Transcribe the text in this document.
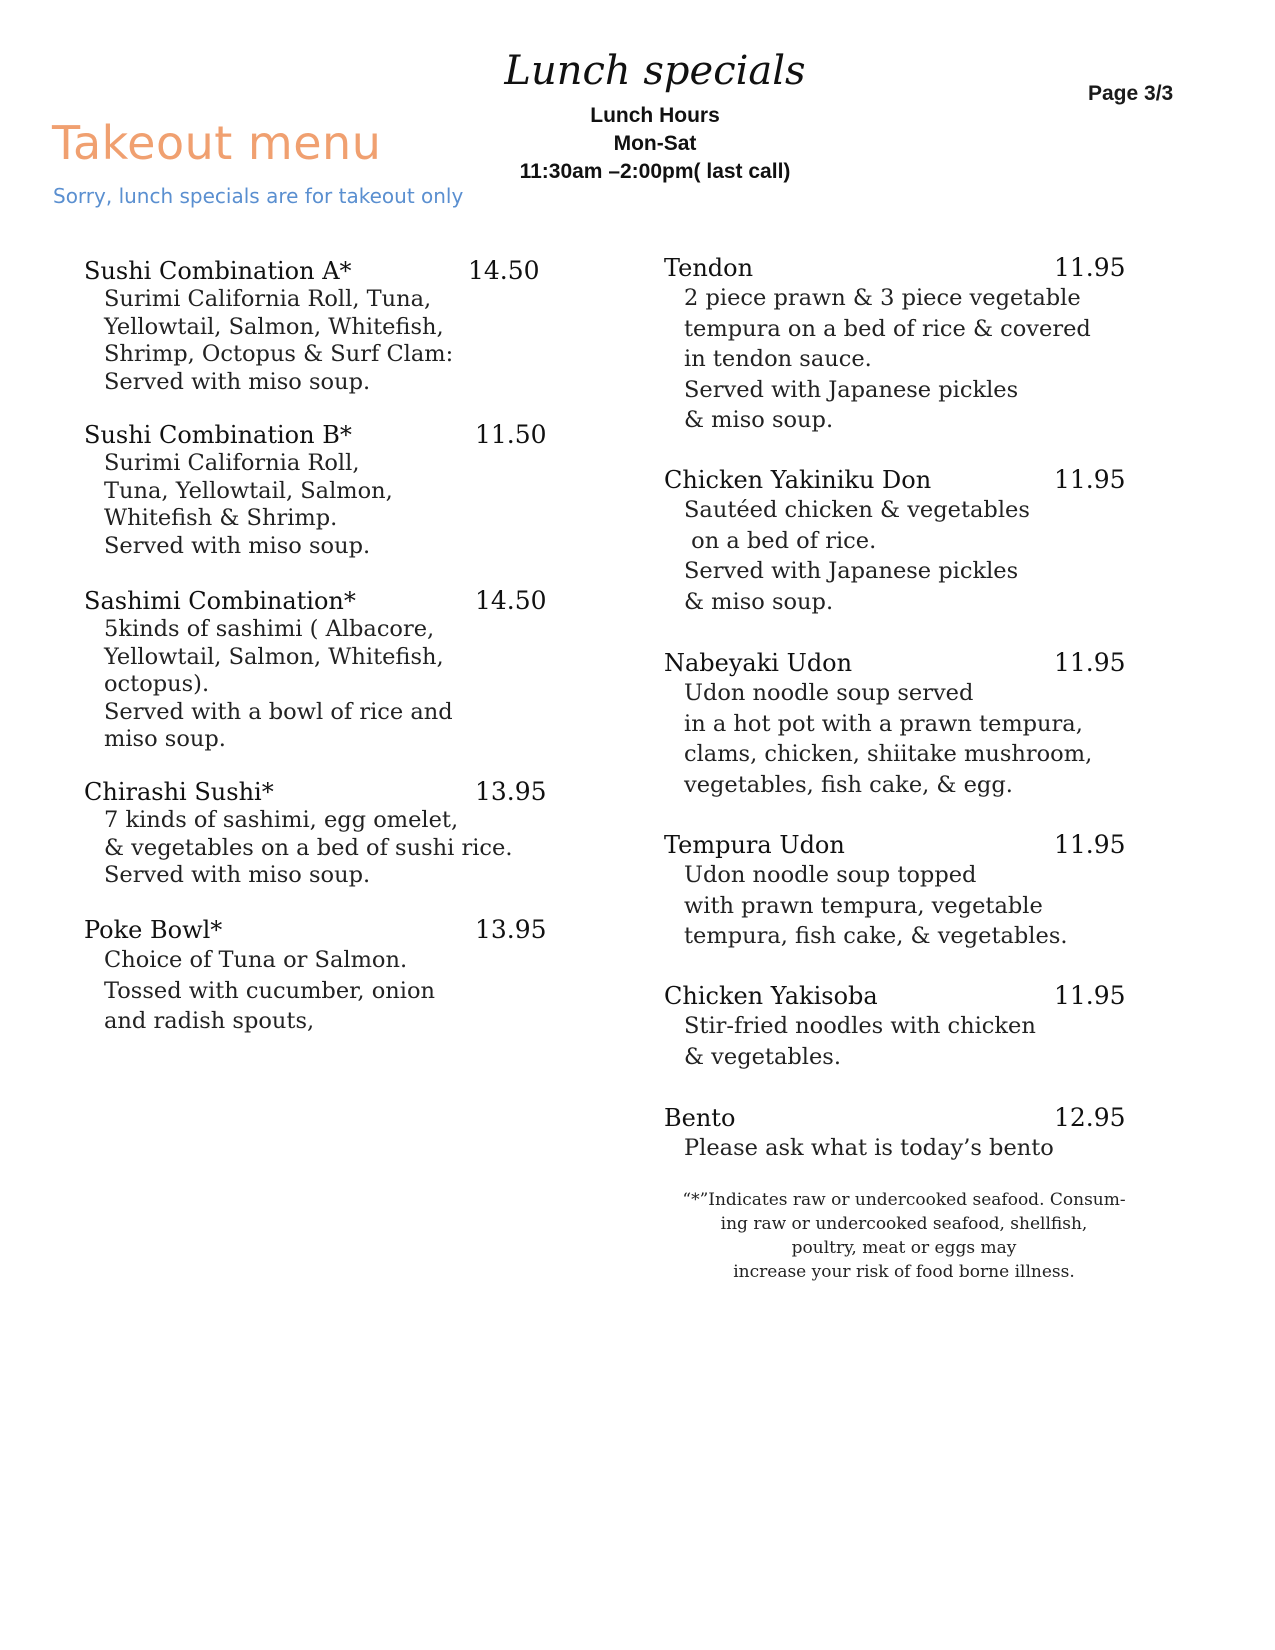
Takeout menu
Sorry, lunch specials are for takeout only
Lunch specials
Lunch Hours
Mon-Sat
11:30am –2:00pm( last call)
Page 3/3
Sushi Combination A*	14.50
Surimi California Roll, Tuna,
Yellowtail, Salmon, Whitefish,
Shrimp, Octopus & Surf Clam:
Served with miso soup.
Sushi Combination B*	11.50
Surimi California Roll,
Tuna, Yellowtail, Salmon,
Whitefish & Shrimp.
Served with miso soup.
Sashimi Combination*	14.50
5kinds of sashimi ( Albacore,
Yellowtail, Salmon, Whitefish,
octopus).
Served with a bowl of rice and
miso soup.
Chirashi Sushi*	13.95
7 kinds of sashimi, egg omelet,
& vegetables on a bed of sushi rice.
Served with miso soup.
Poke Bowl*	13.95
Choice of Tuna or Salmon.
Tossed with cucumber, onion
and radish spouts,
Tendon	11.95
2 piece prawn & 3 piece vegetable
tempura on a bed of rice & covered
in tendon sauce.
Served with Japanese pickles
& miso soup.
Chicken Yakiniku Don	11.95
Sautéed chicken & vegetables
on a bed of rice.
Served with Japanese pickles
& miso soup.
Nabeyaki Udon	11.95
Udon noodle soup served
in a hot pot with a prawn tempura,
clams, chicken, shiitake mushroom,
vegetables, fish cake, & egg.
Tempura Udon	11.95
Udon noodle soup topped
with prawn tempura, vegetable
tempura, fish cake, & vegetables.
Chicken Yakisoba	11.95
Stir-fried noodles with chicken
& vegetables.
Bento	12.95
Please ask what is today’s bento
“*”Indicates raw or undercooked seafood. Consum-
ing raw or undercooked seafood, shellfish,
poultry, meat or eggs may
increase your risk of food borne illness.
